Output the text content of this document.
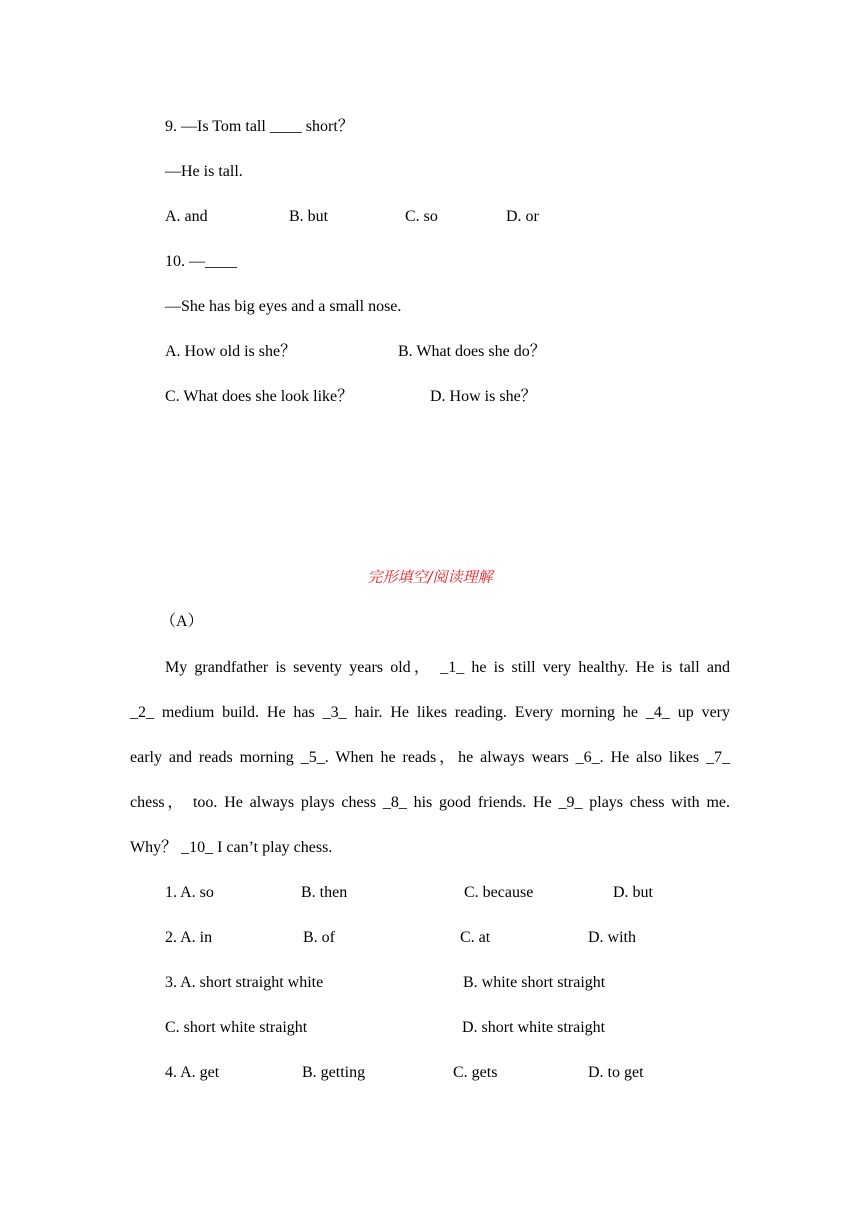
9. —Is Tom tall ____ short？
—He is tall.
A. and	B. but	C. so	D. or
10. —____
—She has big eyes and a small nose.
A. How old is she？	B. What does she do？
C. What does she look like？	D. How is she？
完形填空/阅读理解
（A）
My grandfather is seventy years old， _1_ he is still very healthy. He is tall and
_2_ medium build. He has _3_ hair. He likes reading. Every morning he _4_ up very
early and reads morning _5_. When he reads，he always wears _6_. He also likes _7_
chess， too. He always plays chess _8_ his good friends. He _9_ plays chess with me.
Why？ _10_ I can’t play chess.
1. A. so	B. then	C. because	D. but
2. A. in	B. of	C. at	D. with
3. A. short straight white	B. white short straight
C. short white straight	D. short white straight
4. A. get	B. getting	C. gets	D. to get
